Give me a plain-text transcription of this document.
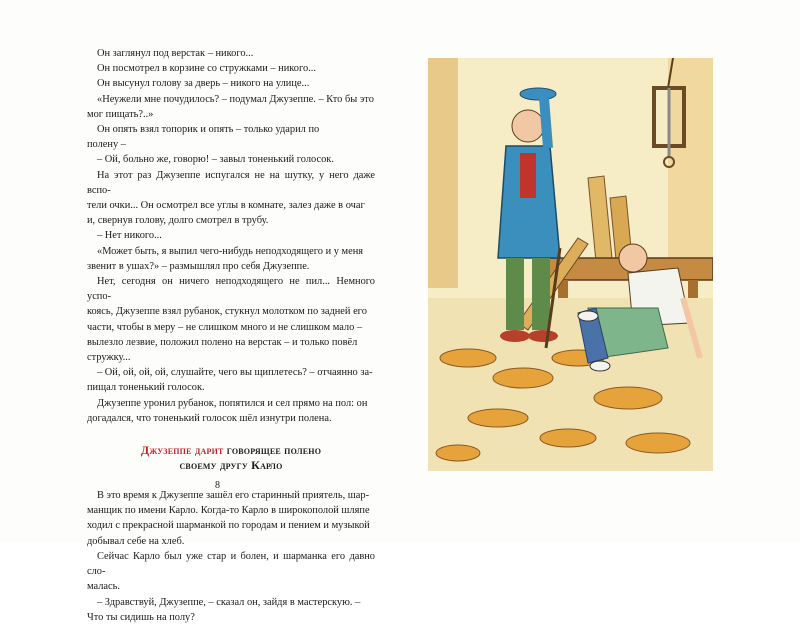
Он заглянул под верстак – никого...

Он посмотрел в корзине со стружками – никого...

Он высунул голову за дверь – никого на улице...

«Неужели мне почудилось? – подумал Джузеппе. – Кто бы это

мог пищать?..»

Он опять взял топорик и опять – только ударил по

полену –

– Ой, больно же, говорю! – завыл тоненький голосок.

На этот раз Джузеппе испугался не на шутку, у него даже вспо-

тели очки... Он осмотрел все углы в комнате, залез даже в очаг

и, свернув голову, долго смотрел в трубу.

– Нет никого...

«Может быть, я выпил чего-нибудь неподходящего и у меня

звенит в ушах?» – размышлял про себя Джузеппе.

Нет, сегодня он ничего неподходящего не пил... Немного успо-

коясь, Джузеппе взял рубанок, стукнул молотком по задней его

части, чтобы в меру – не слишком много и не слишком мало –

вылезло лезвие, положил полено на верстак – и только повёл

стружку...

– Ой, ой, ой, ой, слушайте, чего вы щиплетесь? – отчаянно за-

пищал тоненький голосок.

Джузеппе уронил рубанок, попятился и сел прямо на пол: он

догадался, что тоненький голосок шёл изнутри полена.

Джузеппе дарит говорящее полено
своему другу Карло

В это время к Джузеппе зашёл его старинный приятель, шар-

манщик по имени Карло. Когда-то Карло в широкополой шляпе

ходил с прекрасной шарманкой по городам и пением и музыкой

добывал себе на хлеб.

Сейчас Карло был уже стар и болен, и шарманка его давно сло-

малась.

– Здравствуй, Джузеппе, – сказал он, зайдя в мастерскую. –

Что ты сидишь на полу?

8
